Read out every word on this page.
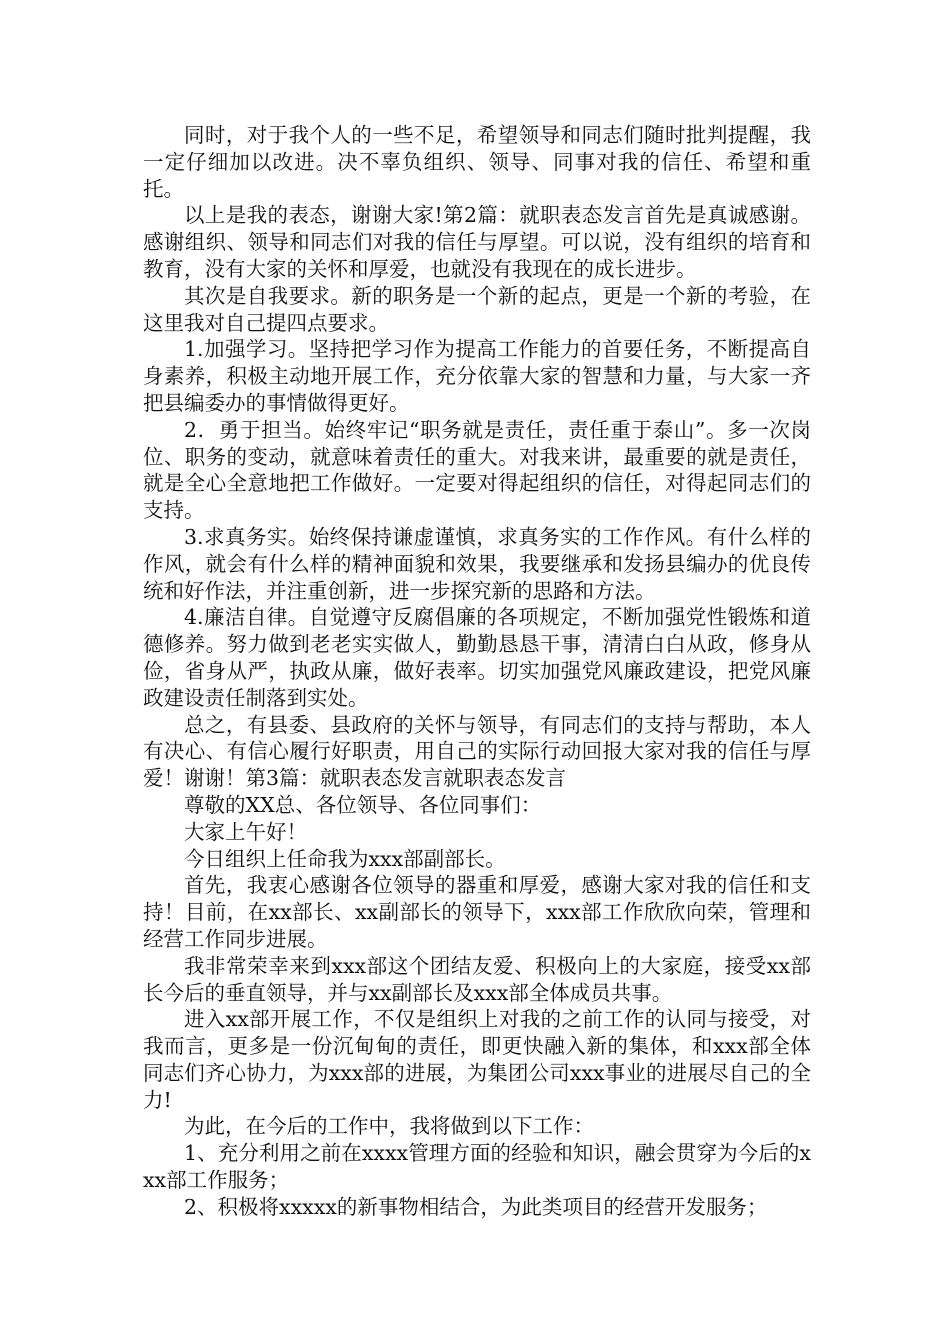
同时，对于我个人的一些不足，希望领导和同志们随时批判提醒，我一定仔细加以改进。决不辜负组织、领导、同事对我的信任、希望和重托。

以上是我的表态，谢谢大家!第2篇：就职表态发言首先是真诚感谢。感谢组织、领导和同志们对我的信任与厚望。可以说，没有组织的培育和教育，没有大家的关怀和厚爱，也就没有我现在的成长进步。

其次是自我要求。新的职务是一个新的起点，更是一个新的考验，在这里我对自己提四点要求。

1.加强学习。坚持把学习作为提高工作能力的首要任务，不断提高自身素养，积极主动地开展工作，充分依靠大家的智慧和力量，与大家一齐把县编委办的事情做得更好。

2．勇于担当。始终牢记“职务就是责任，责任重于泰山”。多一次岗位、职务的变动，就意味着责任的重大。对我来讲，最重要的就是责任，就是全心全意地把工作做好。一定要对得起组织的信任，对得起同志们的支持。

3.求真务实。始终保持谦虚谨慎，求真务实的工作作风。有什么样的作风，就会有什么样的精神面貌和效果，我要继承和发扬县编办的优良传统和好作法，并注重创新，进一步探究新的思路和方法。

4.廉洁自律。自觉遵守反腐倡廉的各项规定，不断加强党性锻炼和道德修养。努力做到老老实实做人，勤勤恳恳干事，清清白白从政，修身从俭，省身从严，执政从廉，做好表率。切实加强党风廉政建设，把党风廉政建设责任制落到实处。

总之，有县委、县政府的关怀与领导，有同志们的支持与帮助，本人有决心、有信心履行好职责，用自己的实际行动回报大家对我的信任与厚爱！谢谢！第3篇：就职表态发言就职表态发言

尊敬的XX总、各位领导、各位同事们：

大家上午好！

今日组织上任命我为xxx部副部长。

首先，我衷心感谢各位领导的器重和厚爱，感谢大家对我的信任和支持！目前，在xx部长、xx副部长的领导下，xxx部工作欣欣向荣，管理和经营工作同步进展。

我非常荣幸来到xxx部这个团结友爱、积极向上的大家庭，接受xx部长今后的垂直领导，并与xx副部长及xxx部全体成员共事。

进入xx部开展工作，不仅是组织上对我的之前工作的认同与接受，对我而言，更多是一份沉甸甸的责任，即更快融入新的集体，和xxx部全体同志们齐心协力，为xxx部的进展，为集团公司xxx事业的进展尽自己的全力!

为此，在今后的工作中，我将做到以下工作：

1、充分利用之前在xxxx管理方面的经验和知识，融会贯穿为今后的xxx部工作服务；

2、积极将xxxxx的新事物相结合，为此类项目的经营开发服务；
